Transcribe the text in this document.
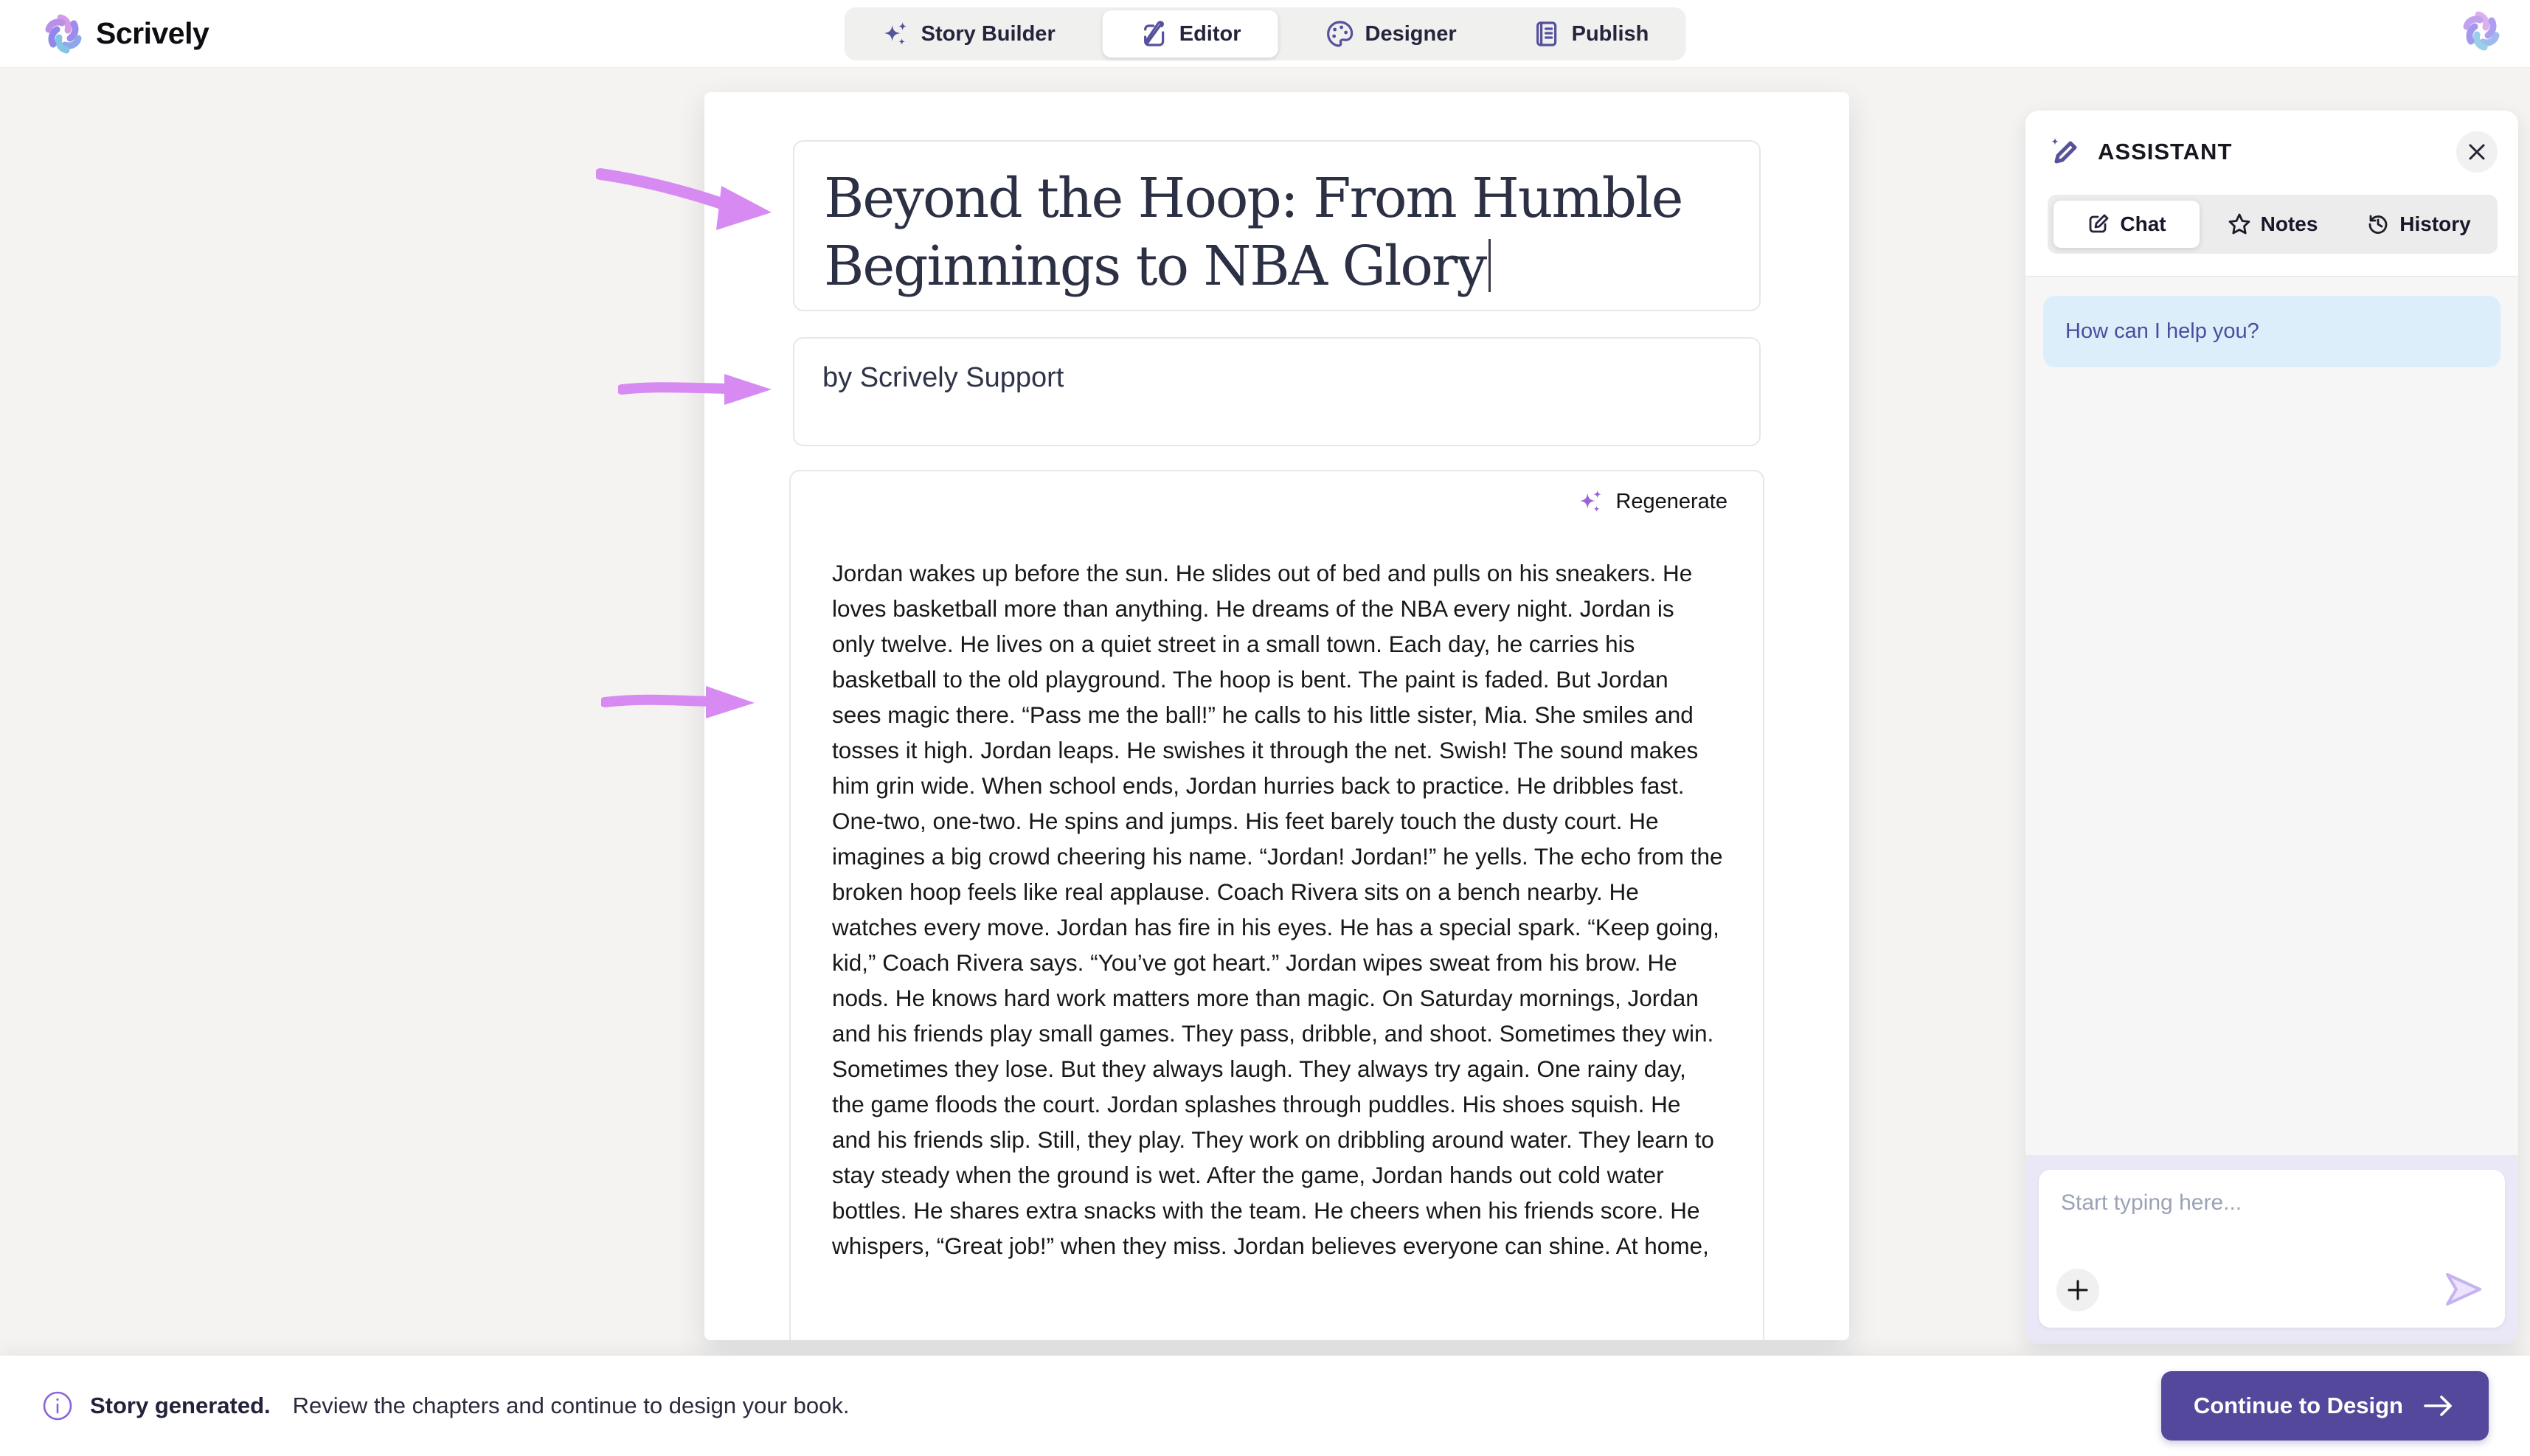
Scrively	Story Builder	Editor	Designer	Publish
Beyond the Hoop: From Humble Beginnings to NBA Glory
by Scrively Support
Regenerate
Jordan wakes up before the sun. He slides out of bed and pulls on his sneakers. He loves basketball more than anything. He dreams of the NBA every night. Jordan is only twelve. He lives on a quiet street in a small town. Each day, he carries his basketball to the old playground. The hoop is bent. The paint is faded. But Jordan sees magic there. “Pass me the ball!” he calls to his little sister, Mia. She smiles and tosses it high. Jordan leaps. He swishes it through the net. Swish! The sound makes him grin wide. When school ends, Jordan hurries back to practice. He dribbles fast. One-two, one-two. He spins and jumps. His feet barely touch the dusty court. He imagines a big crowd cheering his name. “Jordan! Jordan!” he yells. The echo from the broken hoop feels like real applause. Coach Rivera sits on a bench nearby. He watches every move. Jordan has fire in his eyes. He has a special spark. “Keep going, kid,” Coach Rivera says. “You’ve got heart.” Jordan wipes sweat from his brow. He nods. He knows hard work matters more than magic. On Saturday mornings, Jordan and his friends play small games. They pass, dribble, and shoot. Sometimes they win. Sometimes they lose. But they always laugh. They always try again. One rainy day, the game floods the court. Jordan splashes through puddles. His shoes squish. He and his friends slip. Still, they play. They work on dribbling around water. They learn to stay steady when the ground is wet. After the game, Jordan hands out cold water bottles. He shares extra snacks with the team. He cheers when his friends score. He whispers, “Great job!” when they miss. Jordan believes everyone can shine. At home,
ASSISTANT
Chat	Notes	History
How can I help you?
Start typing here...
Story generated. Review the chapters and continue to design your book.	Continue to Design
